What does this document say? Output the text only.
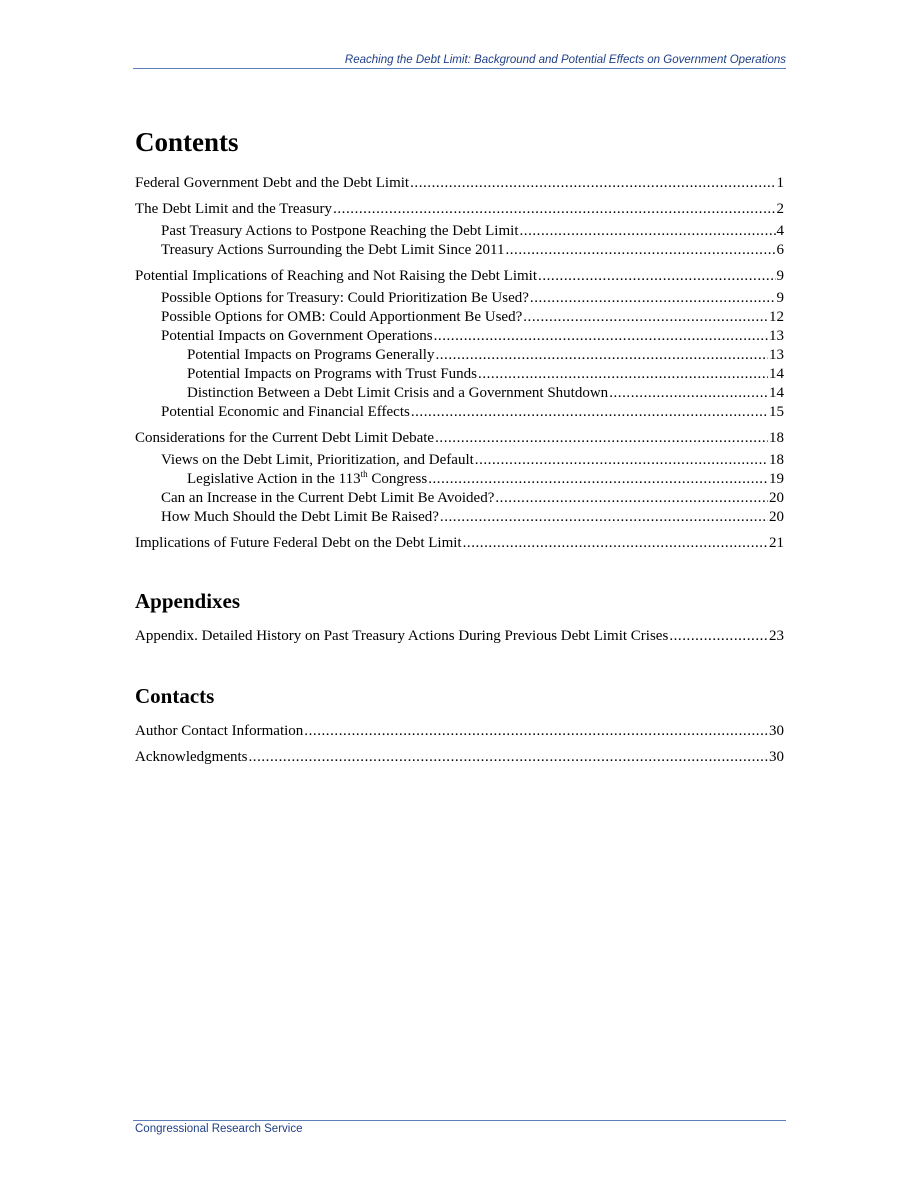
Reaching the Debt Limit: Background and Potential Effects on Government Operations
Contents
Federal Government Debt and the Debt Limit . . .	1
The Debt Limit and the Treasury . . .	2
Past Treasury Actions to Postpone Reaching the Debt Limit . . .	4
Treasury Actions Surrounding the Debt Limit Since 2011 . . .	6
Potential Implications of Reaching and Not Raising the Debt Limit . . .	9
Possible Options for Treasury: Could Prioritization Be Used? . . .	9
Possible Options for OMB: Could Apportionment Be Used? . . .	12
Potential Impacts on Government Operations . . .	13
Potential Impacts on Programs Generally . . .	13
Potential Impacts on Programs with Trust Funds . . .	14
Distinction Between a Debt Limit Crisis and a Government Shutdown . . .	14
Potential Economic and Financial Effects . . .	15
Considerations for the Current Debt Limit Debate . . .	18
Views on the Debt Limit, Prioritization, and Default . . .	18
Legislative Action in the 113th Congress . . .	19
Can an Increase in the Current Debt Limit Be Avoided? . . .	20
How Much Should the Debt Limit Be Raised? . . .	20
Implications of Future Federal Debt on the Debt Limit . . .	21
Appendixes
Appendix. Detailed History on Past Treasury Actions During Previous Debt Limit Crises . . .	23
Contacts
Author Contact Information . . .	30
Acknowledgments . . .	30
Congressional Research Service
